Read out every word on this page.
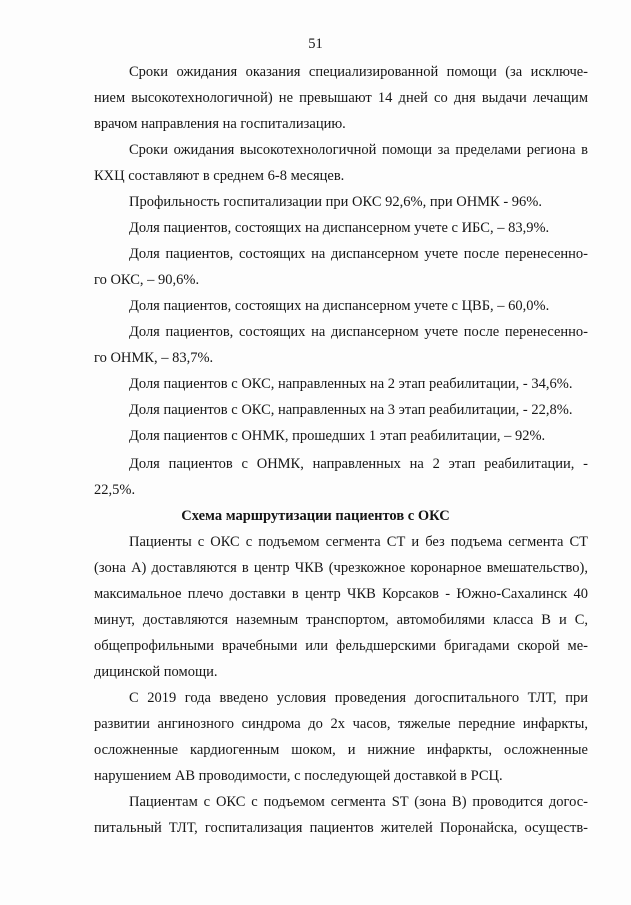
51
Сроки ожидания оказания специализированной помощи (за исключе-
нием высокотехнологичной) не превышают 14 дней со дня выдачи лечащим
врачом направления на госпитализацию.
Сроки ожидания высокотехнологичной помощи за пределами региона в
КХЦ составляют в среднем 6-8 месяцев.
Профильность госпитализации при ОКС 92,6%, при ОНМК - 96%.
Доля пациентов, состоящих на диспансерном учете с ИБС, – 83,9%.
Доля пациентов, состоящих на диспансерном учете после перенесенно-
го ОКС, – 90,6%.
Доля пациентов, состоящих на диспансерном учете с ЦВБ, – 60,0%.
Доля пациентов, состоящих на диспансерном учете после перенесенно-
го ОНМК, – 83,7%.
Доля пациентов с ОКС, направленных на 2 этап реабилитации, - 34,6%.
Доля пациентов с ОКС, направленных на 3 этап реабилитации, - 22,8%.
Доля пациентов с ОНМК, прошедших 1 этап реабилитации, – 92%.
Доля пациентов с ОНМК, направленных на 2 этап реабилитации, -
22,5%.
Схема маршрутизации пациентов с ОКС
Пациенты с ОКС с подъемом сегмента СТ и без подъема сегмента СТ
(зона А) доставляются в центр ЧКВ (чрезкожное коронарное вмешательство),
максимальное плечо доставки в центр ЧКВ Корсаков - Южно-Сахалинск 40
минут, доставляются наземным транспортом, автомобилями класса В и С,
общепрофильными врачебными или фельдшерскими бригадами скорой ме-
дицинской помощи.
С 2019 года введено условия проведения догоспитального ТЛТ, при
развитии ангинозного синдрома до 2х часов, тяжелые передние инфаркты,
осложненные кардиогенным шоком, и нижние инфаркты, осложненные
нарушением АВ проводимости, с последующей доставкой в РСЦ.
Пациентам с ОКС с подъемом сегмента ST (зона В) проводится догос-
питальный ТЛТ, госпитализация пациентов жителей Поронайска, осуществ-
